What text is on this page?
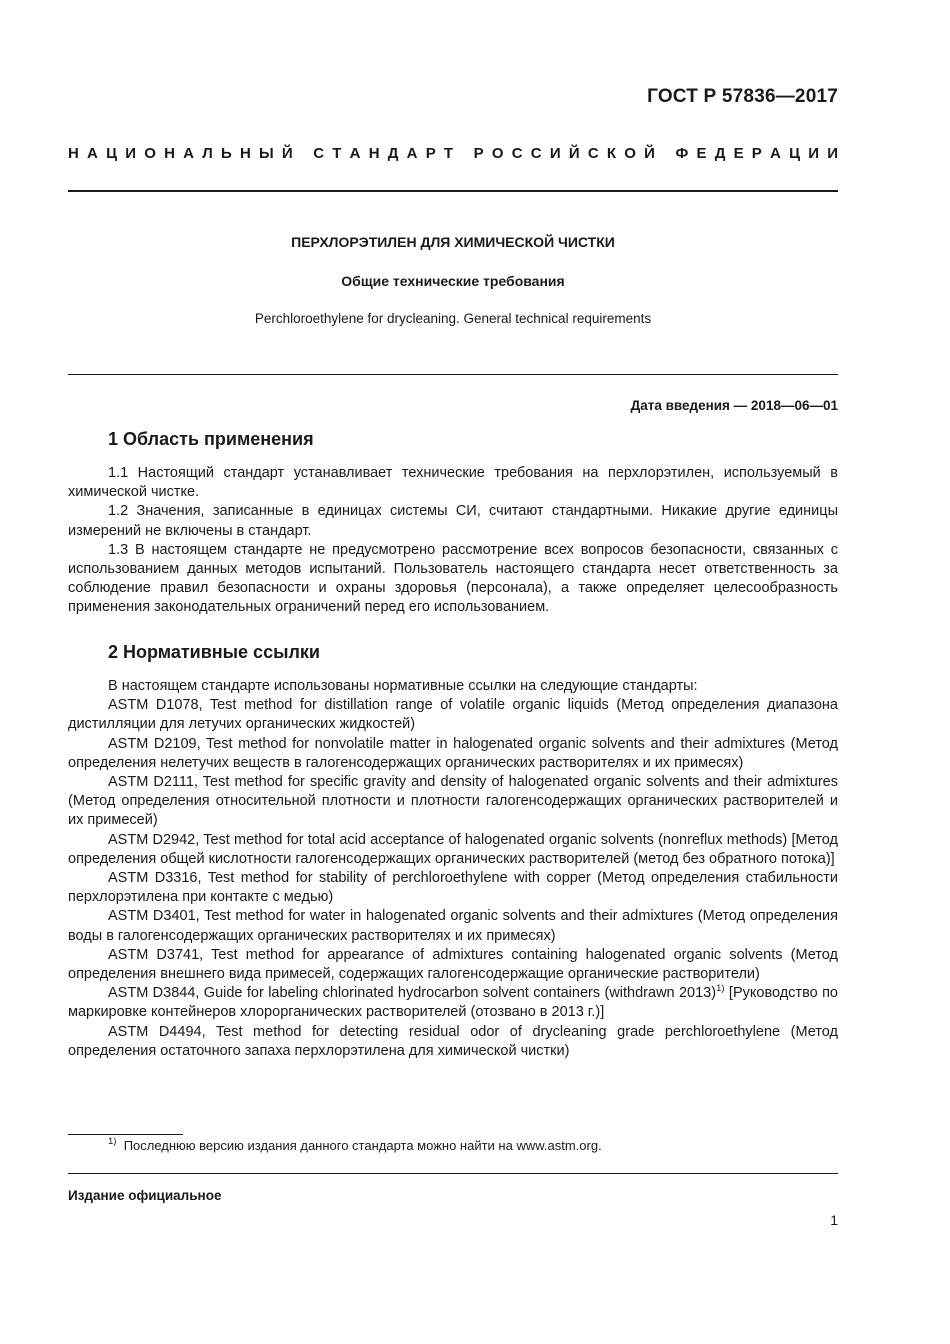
ГОСТ Р 57836—2017
Н А Ц И О Н А Л Ь Н Ы Й
С Т А Н Д А Р Т
Р О С С И Й С К О Й
Ф Е Д Е Р А Ц И И
ПЕРХЛОРЭТИЛЕН ДЛЯ ХИМИЧЕСКОЙ ЧИСТКИ
Общие технические требования
Perchloroethylene for drycleaning. General technical requirements
Дата введения — 2018—06—01
1 Область применения

1.1 Настоящий стандарт устанавливает технические требования на перхлорэтилен, используемый в химической чистке.

1.2 Значения, записанные в единицах системы СИ, считают стандартными. Никакие другие единицы измерений не включены в стандарт.

1.3 В настоящем стандарте не предусмотрено рассмотрение всех вопросов безопасности, связанных с использованием данных методов испытаний. Пользователь настоящего стандарта несет ответственность за соблюдение правил безопасности и охраны здоровья (персонала), а также определяет целесообразность применения законодательных ограничений перед его использованием.

2 Нормативные ссылки

В настоящем стандарте использованы нормативные ссылки на следующие стандарты:

ASTM D1078, Test method for distillation range of volatile organic liquids (Метод определения диапазона дистилляции для летучих органических жидкостей)

ASTM D2109, Test method for nonvolatile matter in halogenated organic solvents and their admixtures (Метод определения нелетучих веществ в галогенсодержащих органических растворителях и их примесях)

ASTM D2111, Test method for specific gravity and density of halogenated organic solvents and their admixtures (Метод определения относительной плотности и плотности галогенсодержащих органических растворителей и их примесей)

ASTM D2942, Test method for total acid acceptance of halogenated organic solvents (nonreflux methods) [Метод определения общей кислотности галогенсодержащих органических растворителей (метод без обратного потока)]

ASTM D3316, Test method for stability of perchloroethylene with copper (Метод определения стабильности перхлорэтилена при контакте с медью)

ASTM D3401, Test method for water in halogenated organic solvents and their admixtures (Метод определения воды в галогенсодержащих органических растворителях и их примесях)

ASTM D3741, Test method for appearance of admixtures containing halogenated organic solvents (Метод определения внешнего вида примесей, содержащих галогенсодержащие органические растворители)

ASTM D3844, Guide for labeling chlorinated hydrocarbon solvent containers (withdrawn 2013)$^{1)}$ [Руководство по маркировке контейнеров хлорорганических растворителей (отозвано в 2013 г.)]

ASTM D4494, Test method for detecting residual odor of drycleaning grade perchloroethylene (Метод определения остаточного запаха перхлорэтилена для химической чистки)

$^{1)}$ Последнюю версию издания данного стандарта можно найти на www.astm.org.
Издание официальное
1
